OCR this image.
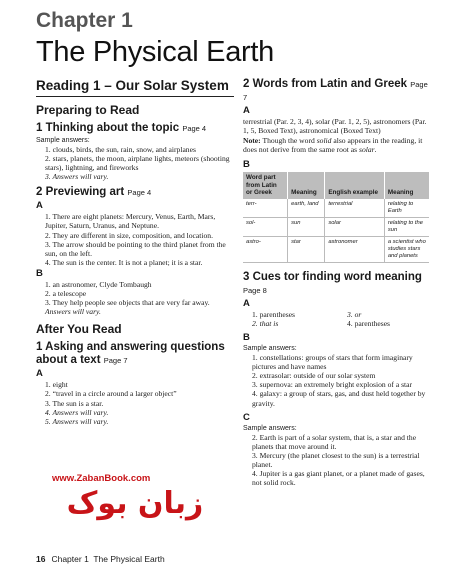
Chapter 1
The Physical Earth
Reading 1 – Our Solar System
Preparing to Read
1 Thinking about the topic Page 4
Sample answers:
1. clouds, birds, the sun, rain, snow, and airplanes
2. stars, planets, the moon, airplane lights, meteors (shooting stars), lightning, and fireworks
3. Answers will vary.
2 Previewing art Page 4
A
1. There are eight planets: Mercury, Venus, Earth, Mars, Jupiter, Saturn, Uranus, and Neptune.
2. They are different in size, composition, and location.
3. The arrow should be pointing to the third planet from the sun, on the left.
4. The sun is the center. It is not a planet; it is a star.
B
1. an astronomer, Clyde Tombaugh
2. a telescope
3. They help people see objects that are very far away.
Answers will vary.
After You Read
1 Asking and answering questions about a text Page 7
A
1. eight
2. “travel in a circle around a larger object”
3. The sun is a star.
4. Answers will vary.
5. Answers will vary.
2 Words from Latin and Greek Page 7
A

terrestrial (Par. 2, 3, 4), solar (Par. 1, 2, 5), astronomers (Par. 1, 5, Boxed Text), astronomical (Boxed Text)

Note: Though the word solid also appears in the reading, it does not derive from the same root as solar.

B
Word part from Latin or Greek	Meaning	English example	Meaning
terr-	earth, land	terrestrial	relating to Earth
sol-	sun	solar	relating to the sun
astro-	star	astronomer	a scientist who studies stars and planets
3 Cues tor finding word meaning Page 8
A
1. parentheses
2. that is
3. or
4. parentheses
B
Sample answers:
1. constellations: groups of stars that form imaginary pictures and have names
2. extrasolar: outside of our solar system
3. supernova: an extremely bright explosion of a star
4. galaxy: a group of stars, gas, and dust held together by gravity.
C
Sample answers:
2. Earth is part of a solar system, that is, a star and the planets that move around it.
3. Mercury (the planet closest to the sun) is a terrestrial planet.
4. Jupiter is a gas giant planet, or a planet made of gases, not solid rock.
www.ZabanBook.com
زبان بوک
16 Chapter 1  The Physical Earth
